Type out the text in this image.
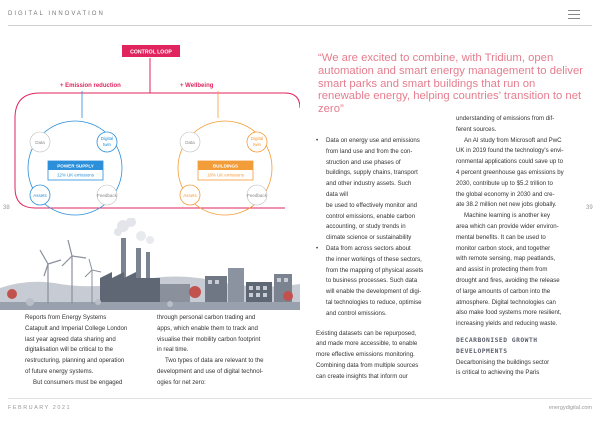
DIGITAL INNOVATION
38	39
CONTROL LOOP
+ Emission reduction	+ Wellbeing
Data
Digital
twin
POWER SUPPLY
12% UK emissions
Assets	Feedback
Data
Digital
twin
BUILDINGS
18% UK emissions
Assets	Feedback
“We are excited to combine, with Tridium, open automation and smart energy management to deliver smart parks and smart buildings that run on renewable energy, helping countries’ transition to net zero”

Reports from Energy Systems

Catapult and Imperial College London

last year agreed data sharing and

digitalisation will be critical to the

restructuring, planning and operation

of future energy systems.

But consumers must be engaged

through personal carbon trading and

apps, which enable them to track and

visualise their mobility carbon footprint

in real time.

Two types of data are relevant to the

development and use of digital technol-

ogies for net zero:

• Data on energy use and emissions

from land use and from the con-

struction and use phases of

buildings, supply chains, transport

and other industry assets. Such

data will

be used to effectively monitor and

control emissions, enable carbon

accounting, or study trends in

climate science or sustainability

• Data from across sectors about

the inner workings of these sectors,

from the mapping of physical assets

to business processes. Such data

will enable the development of digi-

tal technologies to reduce, optimise

and control emissions.

Existing datasets can be repurposed,

and made more accessible, to enable

more effective emissions monitoring.

Combining data from multiple sources

can create insights that inform our

understanding of emissions from dif-

ferent sources.

An AI study from Microsoft and PwC

UK in 2019 found the technology's envi-

ronmental applications could save up to

4 percent greenhouse gas emissions by

2030, contribute up to $5.2 trillion to

the global economy in 2030 and cre-

ate 38.2 million net new jobs globally.

Machine learning is another key

area which can provide wider environ-

mental benefits. It can be used to

monitor carbon stock, and together

with remote sensing, map peatlands,

and assist in protecting them from

drought and fires, avoiding the release

of large amounts of carbon into the

atmosphere. Digital technologies can

also make food systems more resilient,

increasing yields and reducing waste.

DECARBONISED GROWTH

DEVELOPMENTS

Decarbonising the buildings sector

is critical to achieving the Paris

FEBRUARY 2021	energydigital.com
